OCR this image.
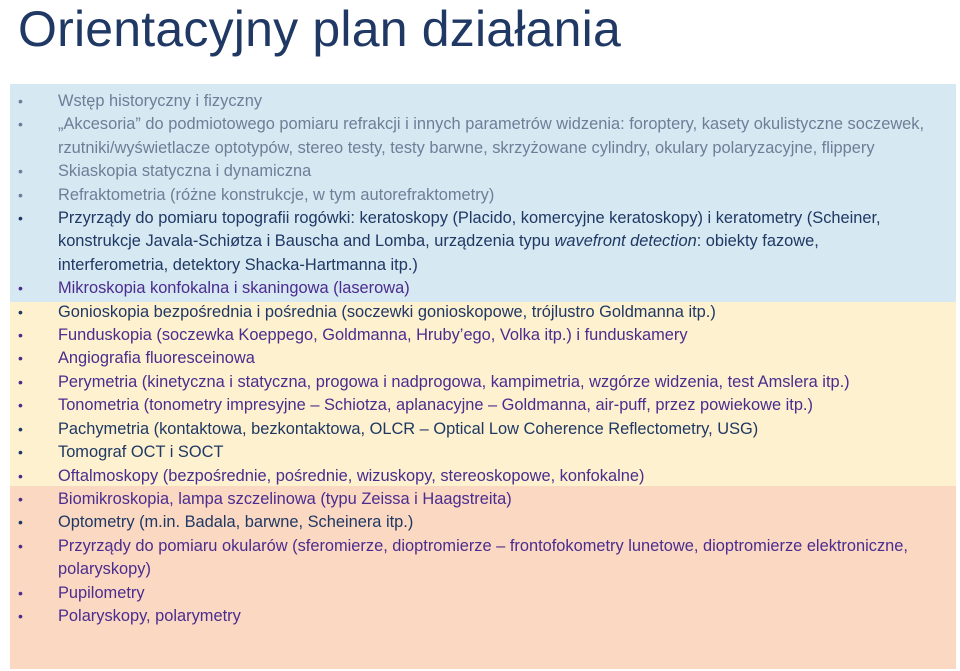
Orientacyjny plan działania
• Wstęp historyczny i fizyczny
• „Akcesoria” do podmiotowego pomiaru refrakcji i innych parametrów widzenia: foroptery, kasety okulistyczne soczewek, rzutniki/wyświetlacze optotypów, stereo testy, testy barwne, skrzyżowane cylindry, okulary polaryzacyjne, flippery
• Skiaskopia statyczna i dynamiczna
• Refraktometria (różne konstrukcje, w tym autorefraktometry)
• Przyrządy do pomiaru topografii rogówki: keratoskopy (Placido, komercyjne keratoskopy) i keratometry (Scheiner, konstrukcje Javala-Schiøtza i Bauscha and Lomba, urządzenia typu wavefront detection: obiekty fazowe, interferometria, detektory Shacka-Hartmanna itp.)
• Mikroskopia konfokalna i skaningowa (laserowa)
• Gonioskopia bezpośrednia i pośrednia (soczewki gonioskopowe, trójlustro Goldmanna itp.)
• Funduskopia (soczewka Koeppego, Goldmanna, Hruby’ego, Volka itp.) i funduskamery
• Angiografia fluoresceinowa
• Perymetria (kinetyczna i statyczna, progowa i nadprogowa, kampimetria, wzgórze widzenia, test Amslera itp.)
• Tonometria (tonometry impresyjne – Schiotza, aplanacyjne – Goldmanna, air-puff, przez powiekowe itp.)
• Pachymetria (kontaktowa, bezkontaktowa, OLCR – Optical Low Coherence Reflectometry, USG)
• Tomograf OCT i SOCT
• Oftalmoskopy (bezpośrednie, pośrednie, wizuskopy, stereoskopowe, konfokalne)
• Biomikroskopia, lampa szczelinowa (typu Zeissa i Haagstreita)
• Optometry (m.in. Badala, barwne, Scheinera itp.)
• Przyrządy do pomiaru okularów (sferomierze, dioptromierze – frontofokometry lunetowe, dioptromierze elektroniczne, polaryskopy)
• Pupilometry
• Polaryskopy, polarymetry
